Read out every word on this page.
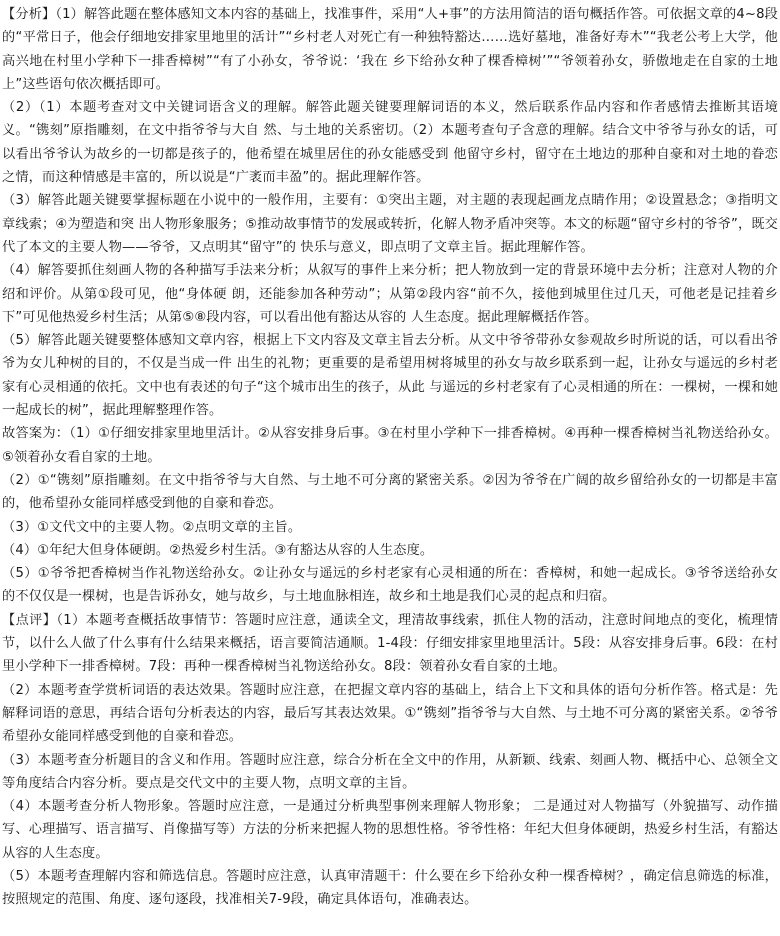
【分析】（1）解答此题在整体感知文本内容的基础上，找准事件，采用“人+事”的方法用简洁的语句概括作答。可依据文章的4~8段的“平常日子，他会仔细地安排家里地里的活计”“乡村老人对死亡有一种独特豁达……选好墓地，准备好寿木”“我老公考上大学，他高兴地在村里小学种下一排香樟树”“有了小孙女，爷爷说：‘我在 乡下给孙女种了棵香樟树’”“爷领着孙女，骄傲地走在自家的土地上”这些语句依次概括即可。

（2）（1）本题考查对文中关键词语含义的理解。解答此题关键要理解词语的本义，然后联系作品内容和作者感情去推断其语境义。“镌刻”原指雕刻，在文中指爷爷与大自 然、与土地的关系密切。（2）本题考查句子含意的理解。结合文中爷爷与孙女的话，可以看出爷爷认为故乡的一切都是孩子的，他希望在城里居住的孙女能感受到 他留守乡村，留守在土地边的那种自豪和对土地的眷恋之情，而这种情感是丰富的，所以说是“广袤而丰盈”的。据此理解作答。

（3）解答此题关键要掌握标题在小说中的一般作用，主要有：①突出主题，对主题的表现起画龙点睛作用；②设置悬念；③指明文章线索；④为塑造和突 出人物形象服务；⑤推动故事情节的发展或转折，化解人物矛盾冲突等。本文的标题“留守乡村的爷爷”，既交代了本文的主要人物——爷爷，又点明其“留守”的 快乐与意义，即点明了文章主旨。据此理解作答。

（4）解答要抓住刻画人物的各种描写手法来分析；从叙写的事件上来分析；把人物放到一定的背景环境中去分析；注意对人物的介绍和评价。从第①段可见，他“身体硬 朗，还能参加各种劳动”；从第②段内容“前不久，接他到城里住过几天，可他老是记挂着乡下”可见他热爱乡村生活；从第⑤⑧段内容，可以看出他有豁达从容的 人生态度。据此理解概括作答。

（5）解答此题关键要整体感知文章内容，根据上下文内容及文章主旨去分析。从文中爷爷带孙女参观故乡时所说的话，可以看出爷爷为女儿种树的目的，不仅是当成一件 出生的礼物；更重要的是希望用树将城里的孙女与故乡联系到一起，让孙女与遥远的乡村老家有心灵相通的依托。文中也有表述的句子“这个城市出生的孩子，从此 与遥远的乡村老家有了心灵相通的所在：一棵树，一棵和她一起成长的树”，据此理解整理作答。

故答案为：（1）①仔细安排家里地里活计。②从容安排身后事。③在村里小学种下一排香樟树。④再种一棵香樟树当礼物送给孙女。⑤领着孙女看自家的土地。

（2）①“镌刻”原指雕刻。在文中指爷爷与大自然、与土地不可分离的紧密关系。②因为爷爷在广阔的故乡留给孙女的一切都是丰富的，他希望孙女能同样感受到他的自豪和眷恋。

（3）①文代文中的主要人物。②点明文章的主旨。

（4）①年纪大但身体硬朗。②热爱乡村生活。③有豁达从容的人生态度。

（5）①爷爷把香樟树当作礼物送给孙女。②让孙女与遥远的乡村老家有心灵相通的所在：香樟树，和她一起成长。③爷爷送给孙女的不仅仅是一棵树，也是告诉孙女，她与故乡，与土地血脉相连，故乡和土地是我们心灵的起点和归宿。

【点评】（1）本题考查概括故事情节：答题时应注意，通读全文，理清故事线索，抓住人物的活动，注意时间地点的变化，梳理情节，以什么人做了什么事有什么结果来概括，语言要简洁通顺。1-4段：仔细安排家里地里活计。5段：从容安排身后事。6段：在村里小学种下一排香樟树。7段：再种一棵香樟树当礼物送给孙女。8段：领着孙女看自家的土地。

（2）本题考查学赏析词语的表达效果。答题时应注意，在把握文章内容的基础上，结合上下文和具体的语句分析作答。格式是：先解释词语的意思，再结合语句分析表达的内容，最后写其表达效果。①“镌刻”指爷爷与大自然、与土地不可分离的紧密关系。②爷爷希望孙女能同样感受到他的自豪和眷恋。

（3）本题考查分析题目的含义和作用。答题时应注意，综合分析在全文中的作用，从新颖、线索、刻画人物、概括中心、总领全文等角度结合内容分析。要点是交代文中的主要人物，点明文章的主旨。

（4）本题考查分析人物形象。答题时应注意，一是通过分析典型事例来理解人物形象； 二是通过对人物描写（外貌描写、动作描写、心理描写、语言描写、肖像描写等）方法的分析来把握人物的思想性格。爷爷性格：年纪大但身体硬朗，热爱乡村生活，有豁达从容的人生态度。

（5）本题考查理解内容和筛选信息。答题时应注意，认真审清题干：什么要在乡下给孙女种一棵香樟树？，确定信息筛选的标准，按照规定的范围、角度、逐句逐段，找准相关7-9段，确定具体语句，准确表达。
